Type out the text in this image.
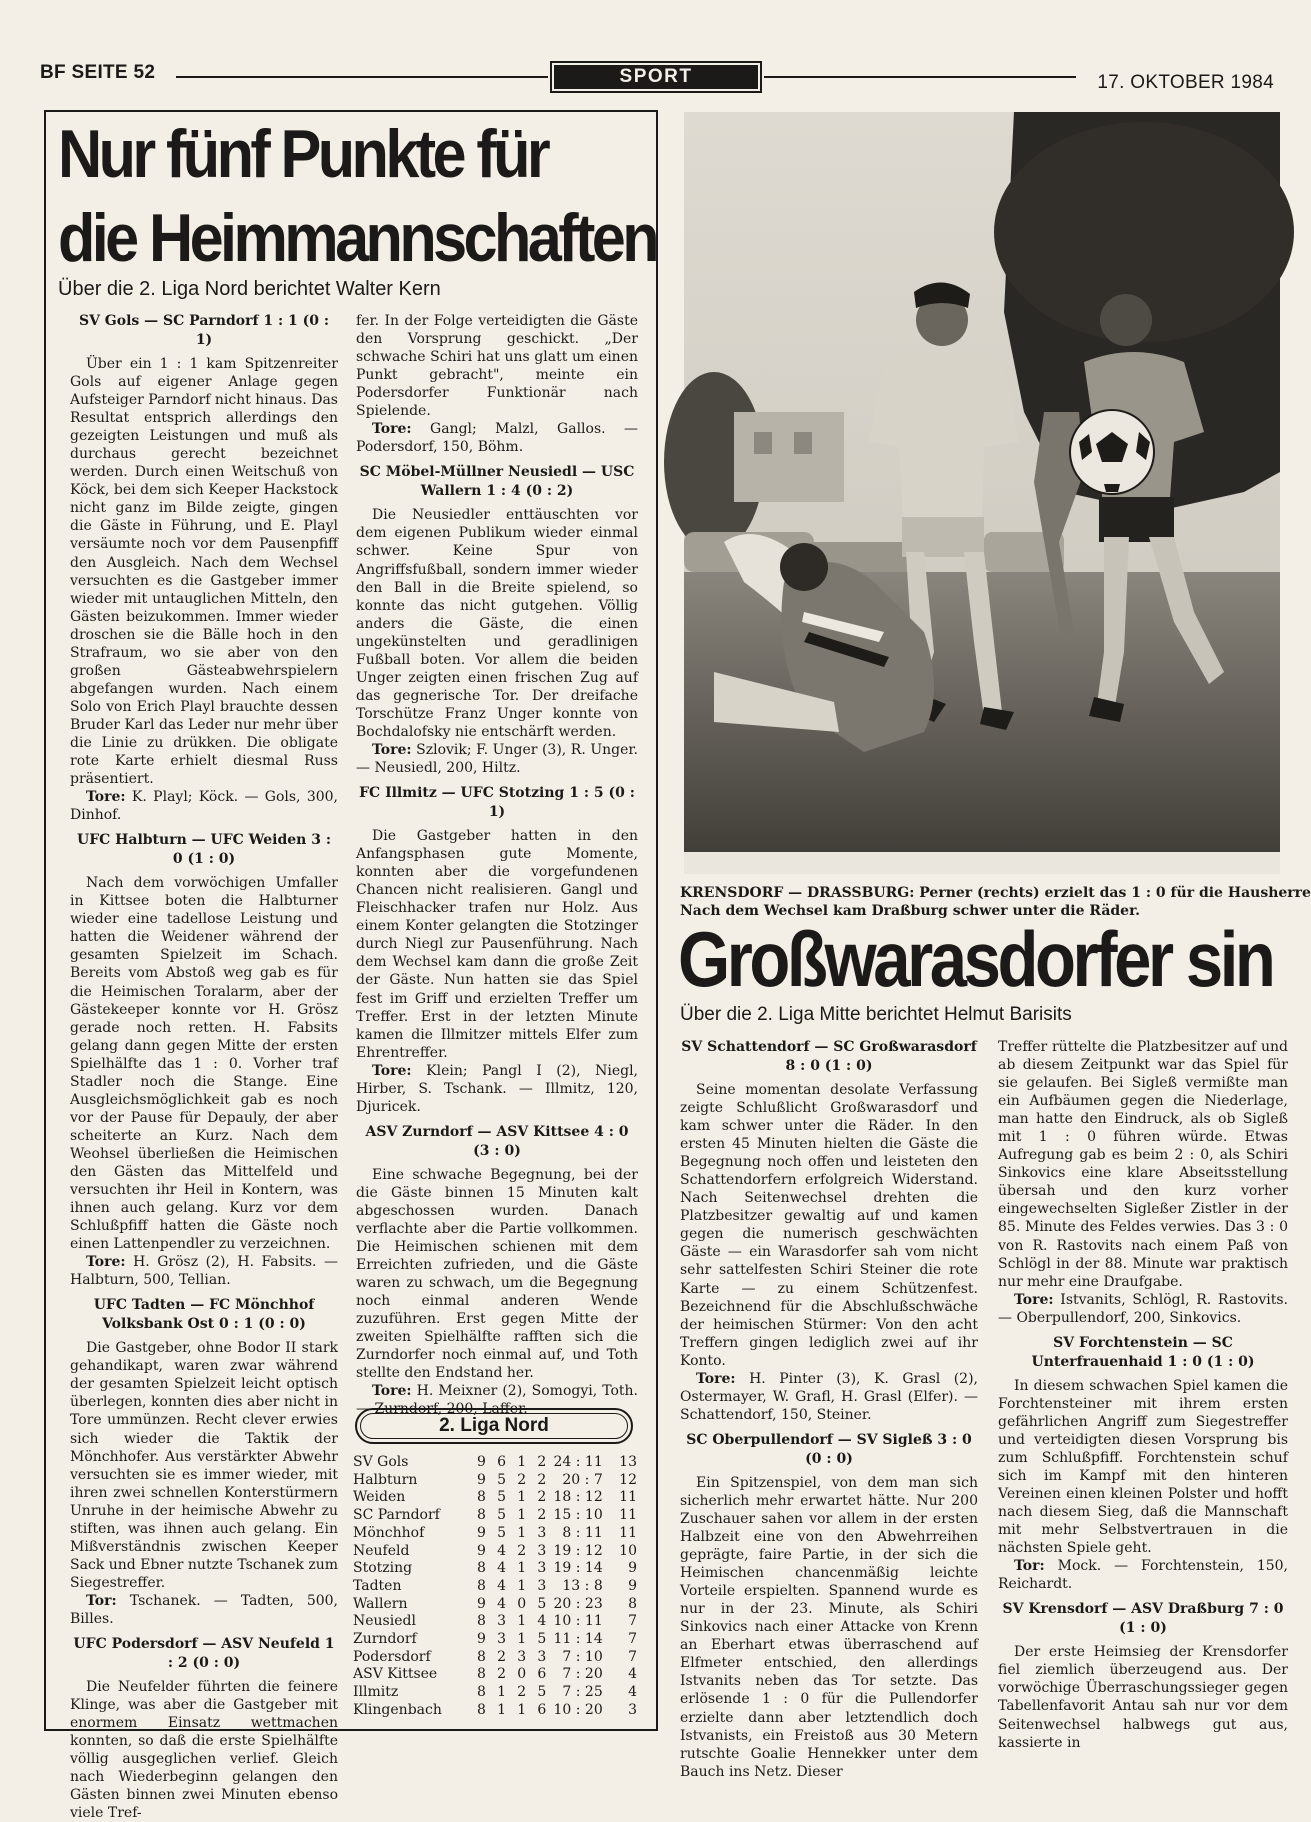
BF SEITE 52	SPORT	17. OKTOBER 1984
Nur fünf Punkte für
die Heimmannschaften
Über die 2. Liga Nord berichtet Walter Kern

SV Gols — SC Parndorf 1 : 1 (0 : 1)

Über ein 1 : 1 kam Spitzenreiter Gols auf eigener Anlage gegen Aufsteiger Parndorf nicht hinaus. Das Resultat entsprich allerdings den gezeigten Leistungen und muß als durchaus gerecht bezeichnet werden. Durch einen Weitschuß von Köck, bei dem sich Keeper Hackstock nicht ganz im Bilde zeigte, gingen die Gäste in Führung, und E. Playl versäumte noch vor dem Pausenpfiff den Ausgleich. Nach dem Wechsel versuchten es die Gastgeber immer wieder mit untauglichen Mitteln, den Gästen beizukommen. Immer wieder droschen sie die Bälle hoch in den Strafraum, wo sie aber von den großen Gästeabwehrspielern abgefangen wurden. Nach einem Solo von Erich Playl brauchte dessen Bruder Karl das Leder nur mehr über die Linie zu drükken. Die obligate rote Karte erhielt diesmal Russ präsentiert.

Tore: K. Playl; Köck. — Gols, 300, Dinhof.

UFC Halbturn — UFC Weiden 3 : 0 (1 : 0)

Nach dem vorwöchigen Umfaller in Kittsee boten die Halbturner wieder eine tadellose Leistung und hatten die Weidener während der gesamten Spielzeit im Schach. Bereits vom Abstoß weg gab es für die Heimischen Toralarm, aber der Gästekeeper konnte vor H. Grösz gerade noch retten. H. Fabsits gelang dann gegen Mitte der ersten Spielhälfte das 1 : 0. Vorher traf Stadler noch die Stange. Eine Ausgleichsmöglichkeit gab es noch vor der Pause für Depauly, der aber scheiterte an Kurz. Nach dem Weohsel überließen die Heimischen den Gästen das Mittelfeld und versuchten ihr Heil in Kontern, was ihnen auch gelang. Kurz vor dem Schlußpfiff hatten die Gäste noch einen Lattenpendler zu verzeichnen.

Tore: H. Grösz (2), H. Fabsits. — Halbturn, 500, Tellian.

UFC Tadten — FC Mönchhof Volksbank Ost 0 : 1 (0 : 0)

Die Gastgeber, ohne Bodor II stark gehandikapt, waren zwar während der gesamten Spielzeit leicht optisch überlegen, konnten dies aber nicht in Tore ummünzen. Recht clever erwies sich wieder die Taktik der Mönchhofer. Aus verstärkter Abwehr versuchten sie es immer wieder, mit ihren zwei schnellen Konterstürmern Unruhe in der heimische Abwehr zu stiften, was ihnen auch gelang. Ein Mißverständnis zwischen Keeper Sack und Ebner nutzte Tschanek zum Siegestreffer.

Tor: Tschanek. — Tadten, 500, Billes.

UFC Podersdorf — ASV Neufeld 1 : 2 (0 : 0)

Die Neufelder führten die feinere Klinge, was aber die Gastgeber mit enormem Einsatz wettmachen konnten, so daß die erste Spielhälfte völlig ausgeglichen verlief. Gleich nach Wiederbeginn gelangen den Gästen binnen zwei Minuten ebenso viele Tref-

fer. In der Folge verteidigten die Gäste den Vorsprung geschickt. „Der schwache Schiri hat uns glatt um einen Punkt gebracht", meinte ein Podersdorfer Funktionär nach Spielende.

Tore: Gangl; Malzl, Gallos. — Podersdorf, 150, Böhm.

SC Möbel-Müllner Neusiedl — USC Wallern 1 : 4 (0 : 2)

Die Neusiedler enttäuschten vor dem eigenen Publikum wieder einmal schwer. Keine Spur von Angriffsfußball, sondern immer wieder den Ball in die Breite spielend, so konnte das nicht gutgehen. Völlig anders die Gäste, die einen ungekünstelten und geradlinigen Fußball boten. Vor allem die beiden Unger zeigten einen frischen Zug auf das gegnerische Tor. Der dreifache Torschütze Franz Unger konnte von Bochdalofsky nie entschärft werden.

Tore: Szlovik; F. Unger (3), R. Unger. — Neusiedl, 200, Hiltz.

FC Illmitz — UFC Stotzing 1 : 5 (0 : 1)

Die Gastgeber hatten in den Anfangsphasen gute Momente, konnten aber die vorgefundenen Chancen nicht realisieren. Gangl und Fleischhacker trafen nur Holz. Aus einem Konter gelangten die Stotzinger durch Niegl zur Pausenführung. Nach dem Wechsel kam dann die große Zeit der Gäste. Nun hatten sie das Spiel fest im Griff und erzielten Treffer um Treffer. Erst in der letzten Minute kamen die Illmitzer mittels Elfer zum Ehrentreffer.

Tore: Klein; Pangl I (2), Niegl, Hirber, S. Tschank. — Illmitz, 120, Djuricek.

ASV Zurndorf — ASV Kittsee 4 : 0 (3 : 0)

Eine schwache Begegnung, bei der die Gäste binnen 15 Minuten kalt abgeschossen wurden. Danach verflachte aber die Partie vollkommen. Die Heimischen schienen mit dem Erreichten zufrieden, und die Gäste waren zu schwach, um die Begegnung noch einmal anderen Wende zuzuführen. Erst gegen Mitte der zweiten Spielhälfte rafften sich die Zurndorfer noch einmal auf, und Toth stellte den Endstand her.

Tore: H. Meixner (2), Somogyi, Toth. — Zurndorf, 200, Laffer.

2. Liga Nord
SV Gols	9	6	1	2	24 : 11	13
Halbturn	9	5	2	2	20 : 7	12
Weiden	8	5	1	2	18 : 12	11
SC Parndorf	8	5	1	2	15 : 10	11
Mönchhof	9	5	1	3	8 : 11	11
Neufeld	9	4	2	3	19 : 12	10
Stotzing	8	4	1	3	19 : 14	9
Tadten	8	4	1	3	13 : 8	9
Wallern	9	4	0	5	20 : 23	8
Neusiedl	8	3	1	4	10 : 11	7
Zurndorf	9	3	1	5	11 : 14	7
Podersdorf	8	2	3	3	7 : 10	7
ASV Kittsee	8	2	0	6	7 : 20	4
Illmitz	8	1	2	5	7 : 25	4
Klingenbach	8	1	1	6	10 : 20	3
KRENSDORF — DRASSBURG: Perner (rechts) erzielt das 1 : 0 für die Hausherre
Nach dem Wechsel kam Draßburg schwer unter die Räder.
Großwarasdorfer sin
Über die 2. Liga Mitte berichtet Helmut Barisits

SV Schattendorf — SC Großwarasdorf 8 : 0 (1 : 0)

Seine momentan desolate Verfassung zeigte Schlußlicht Großwarasdorf und kam schwer unter die Räder. In den ersten 45 Minuten hielten die Gäste die Begegnung noch offen und leisteten den Schattendorfern erfolgreich Widerstand. Nach Seitenwechsel drehten die Platzbesitzer gewaltig auf und kamen gegen die numerisch geschwächten Gäste — ein Warasdorfer sah vom nicht sehr sattelfesten Schiri Steiner die rote Karte — zu einem Schützenfest. Bezeichnend für die Abschlußschwäche der heimischen Stürmer: Von den acht Treffern gingen lediglich zwei auf ihr Konto.

Tore: H. Pinter (3), K. Grasl (2), Ostermayer, W. Grafl, H. Grasl (Elfer). — Schattendorf, 150, Steiner.

SC Oberpullendorf — SV Sigleß 3 : 0 (0 : 0)

Ein Spitzenspiel, von dem man sich sicherlich mehr erwartet hätte. Nur 200 Zuschauer sahen vor allem in der ersten Halbzeit eine von den Abwehrreihen geprägte, faire Partie, in der sich die Heimischen chancenmäßig leichte Vorteile erspielten. Spannend wurde es nur in der 23. Minute, als Schiri Sinkovics nach einer Attacke von Krenn an Eberhart etwas überraschend auf Elfmeter entschied, den allerdings Istvanits neben das Tor setzte. Das erlösende 1 : 0 für die Pullendorfer erzielte dann aber letztendlich doch Istvanists, ein Freistoß aus 30 Metern rutschte Goalie Hennekker unter dem Bauch ins Netz. Dieser

Treffer rüttelte die Platzbesitzer auf und ab diesem Zeitpunkt war das Spiel für sie gelaufen. Bei Sigleß vermißte man ein Aufbäumen gegen die Niederlage, man hatte den Eindruck, als ob Sigleß mit 1 : 0 führen würde. Etwas Aufregung gab es beim 2 : 0, als Schiri Sinkovics eine klare Abseitsstellung übersah und den kurz vorher eingewechselten Sigleßer Zistler in der 85. Minute des Feldes verwies. Das 3 : 0 von R. Rastovits nach einem Paß von Schlögl in der 88. Minute war praktisch nur mehr eine Draufgabe.

Tore: Istvanits, Schlögl, R. Rastovits. — Oberpullendorf, 200, Sinkovics.

SV Forchtenstein — SC Unterfrauenhaid 1 : 0 (1 : 0)

In diesem schwachen Spiel kamen die Forchtensteiner mit ihrem ersten gefährlichen Angriff zum Siegestreffer und verteidigten diesen Vorsprung bis zum Schlußpfiff. Forchtenstein schuf sich im Kampf mit den hinteren Vereinen einen kleinen Polster und hofft nach diesem Sieg, daß die Mannschaft mit mehr Selbstvertrauen in die nächsten Spiele geht.

Tor: Mock. — Forchtenstein, 150, Reichardt.

SV Krensdorf — ASV Draßburg 7 : 0 (1 : 0)

Der erste Heimsieg der Krensdorfer fiel ziemlich überzeugend aus. Der vorwöchige Überraschungssieger gegen Tabellenfavorit Antau sah nur vor dem Seitenwechsel halbwegs gut aus, kassierte in
